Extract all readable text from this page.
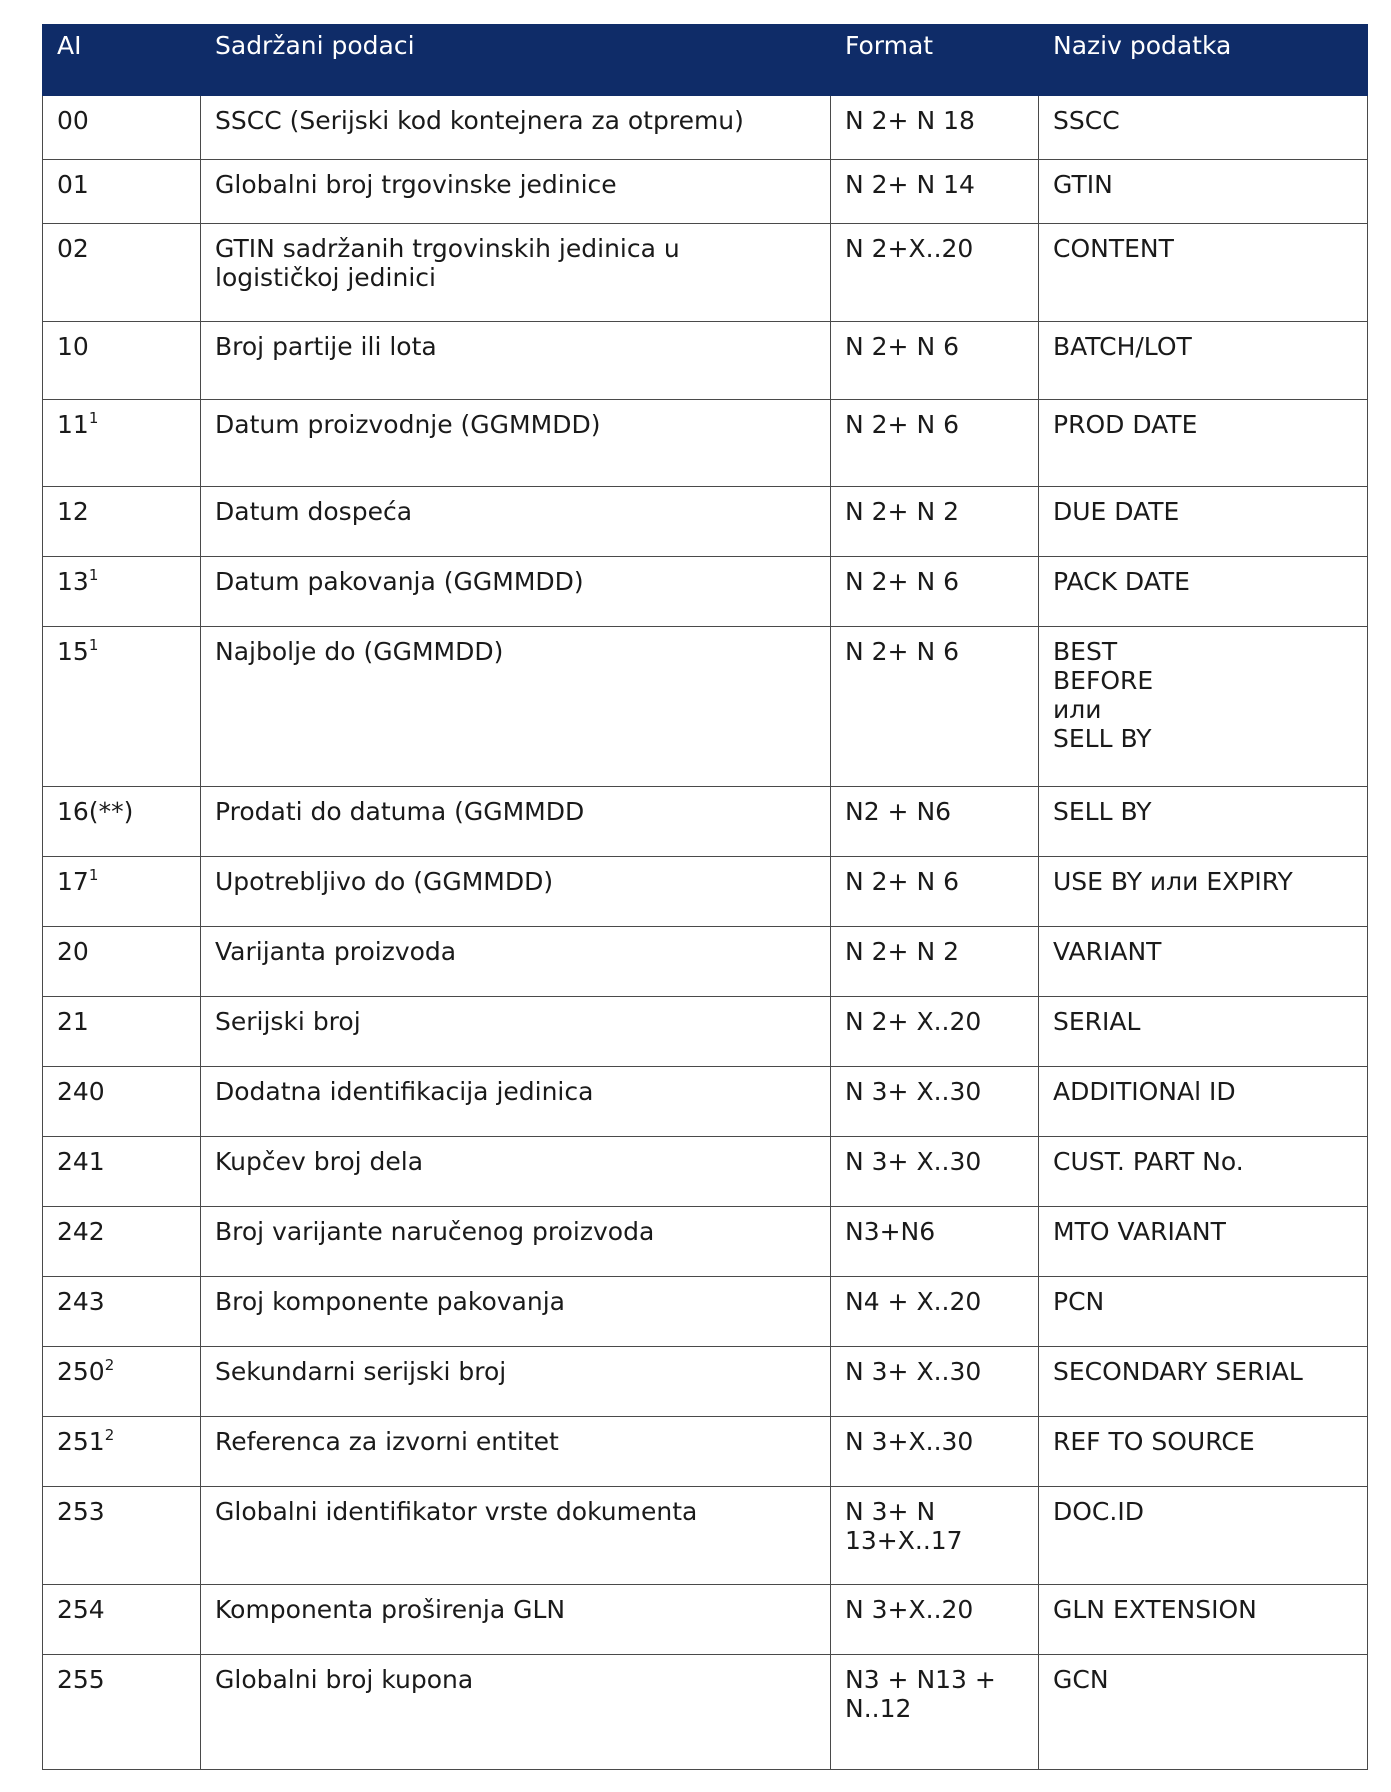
AI	Sadržani podaci	Format	Naziv podatka
00	SSCC (Serijski kod kontejnera za otpremu)	N 2+ N 18	SSCC

01	Globalni broj trgovinske jedinice	N 2+ N 14	GTIN

02	GTIN sadržanih trgovinskih jedinica u
logističkoj jedinici	N 2+X..20	CONTENT

10	Broj partije ili lota	N 2+ N 6	BATCH/LOT

$11^1$	Datum proizvodnje (GGMMDD)	N 2+ N 6	PROD DATE

12	Datum dospeća	N 2+ N 2	DUE DATE

$13^1$	Datum pakovanja (GGMMDD)	N 2+ N 6	PACK DATE

$15^1$	Najbolje do (GGMMDD)	N 2+ N 6	BEST
BEFORE
или
SELL BY

16(**)	Prodati do datuma (GGMMDD	N2 + N6	SELL BY

$17^1$	Upotrebljivo do (GGMMDD)	N 2+ N 6	USE BY или EXPIRY

20	Varijanta proizvoda	N 2+ N 2	VARIANT

21	Serijski broj	N 2+ X..20	SERIAL

240	Dodatna identifikacija jedinica	N 3+ X..30	ADDITIONAl ID

241	Kupčev broj dela	N 3+ X..30	CUST. PART No.

242	Broj varijante naručenog proizvoda	N3+N6	MTO VARIANT

243	Broj komponente pakovanja	N4 + X..20	PCN

$250^2$	Sekundarni serijski broj	N 3+ X..30	SECONDARY SERIAL

$251^2$	Referenca za izvorni entitet	N 3+X..30	REF TO SOURCE

253	Globalni identifikator vrste dokumenta	N 3+ N
13+X..17	DOC.ID

254	Komponenta proširenja GLN	N 3+X..20	GLN EXTENSION

255	Globalni broj kupona	N3 + N13 +
N..12	GCN
